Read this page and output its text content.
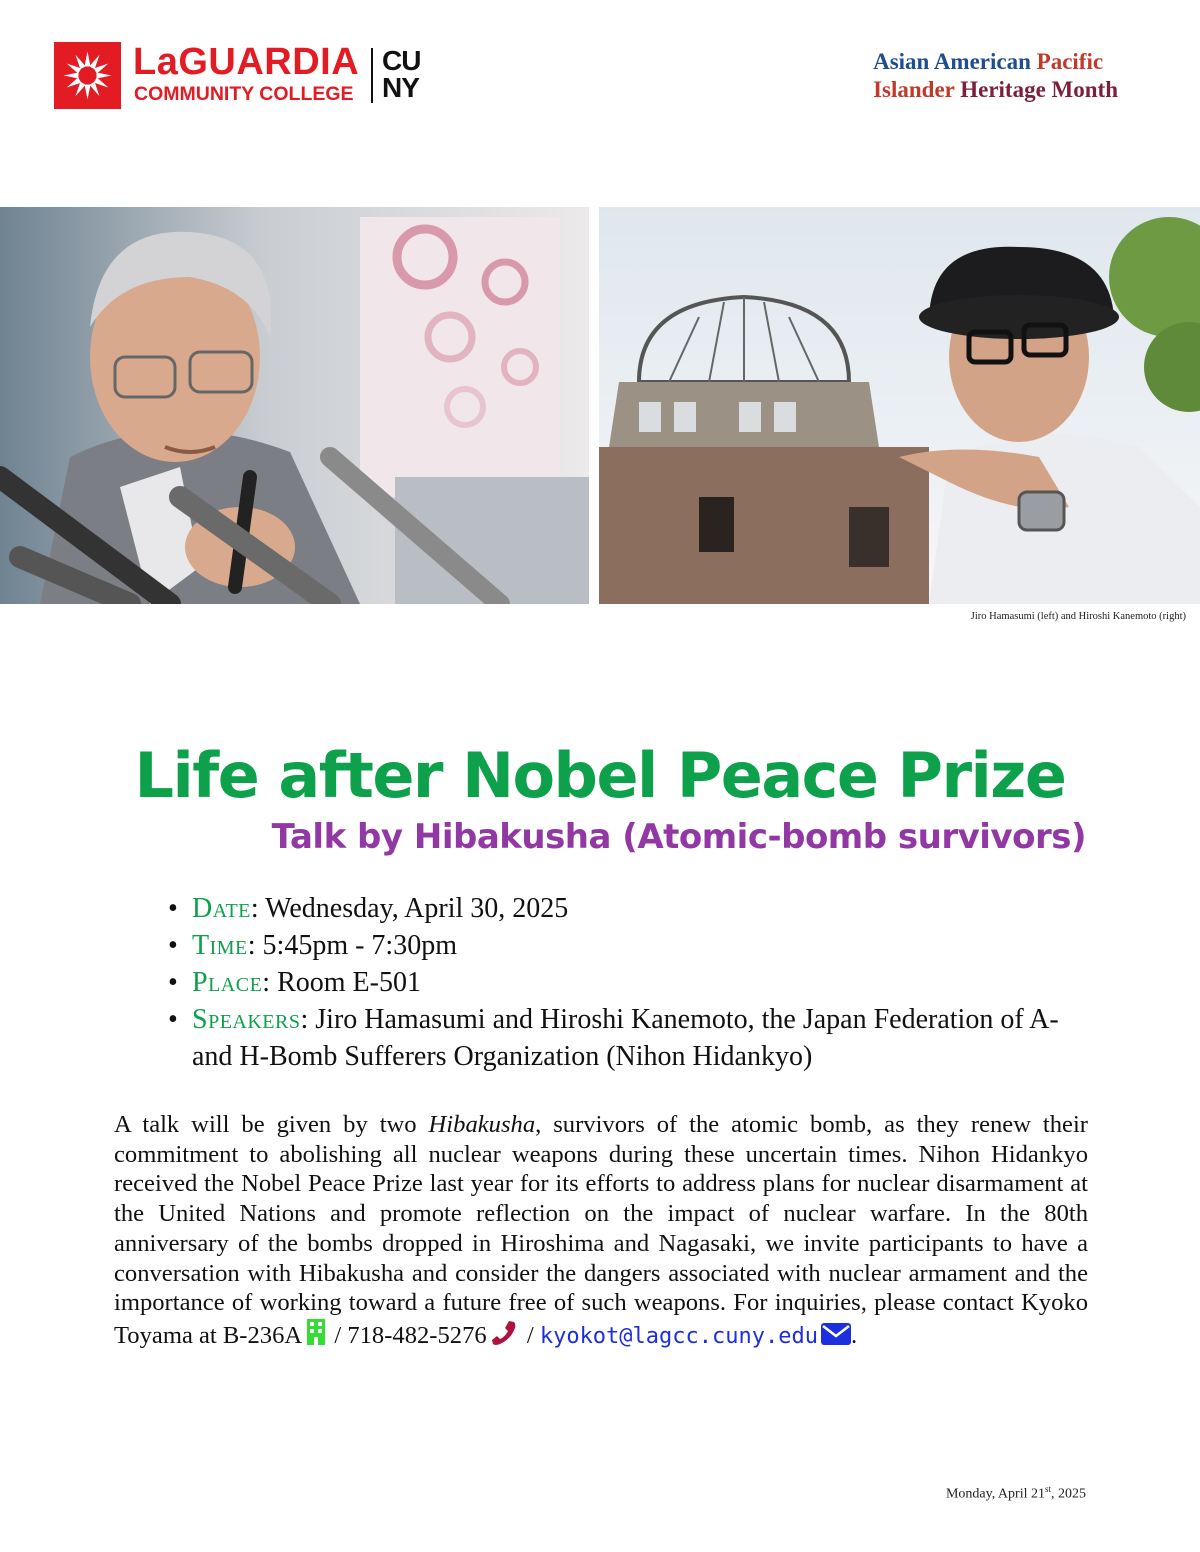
LaGUARDIA
COMMUNITY COLLEGE
CU
NY
Asian American Pacific
Islander Heritage Month
Jiro Hamasumi (left) and Hiroshi Kanemoto (right)
Life after Nobel Peace Prize
Talk by Hibakusha (Atomic-bomb survivors)
• Date: Wednesday, April 30, 2025
• Time: 5:45pm - 7:30pm
• Place: Room E-501
• Speakers: Jiro Hamasumi and Hiroshi Kanemoto, the Japan Federation of A- and H-Bomb Sufferers Organization (Nihon Hidankyo)

A talk will be given by two Hibakusha, survivors of the atomic bomb, as they renew their commitment to abolishing all nuclear weapons during these uncertain times. Nihon Hidankyo received the Nobel Peace Prize last year for its efforts to address plans for nuclear disarmament at the United Nations and promote reflection on the impact of nuclear warfare. In the 80th anniversary of the bombs dropped in Hiroshima and Nagasaki, we invite participants to have a conversation with Hibakusha and consider the dangers associated with nuclear armament and the importance of working toward a future free of such weapons. For inquiries, please contact Kyoko Toyama at B-236A / 718-482-5276 / kyokot@lagcc.cuny.edu .

Monday, April 21st, 2025
